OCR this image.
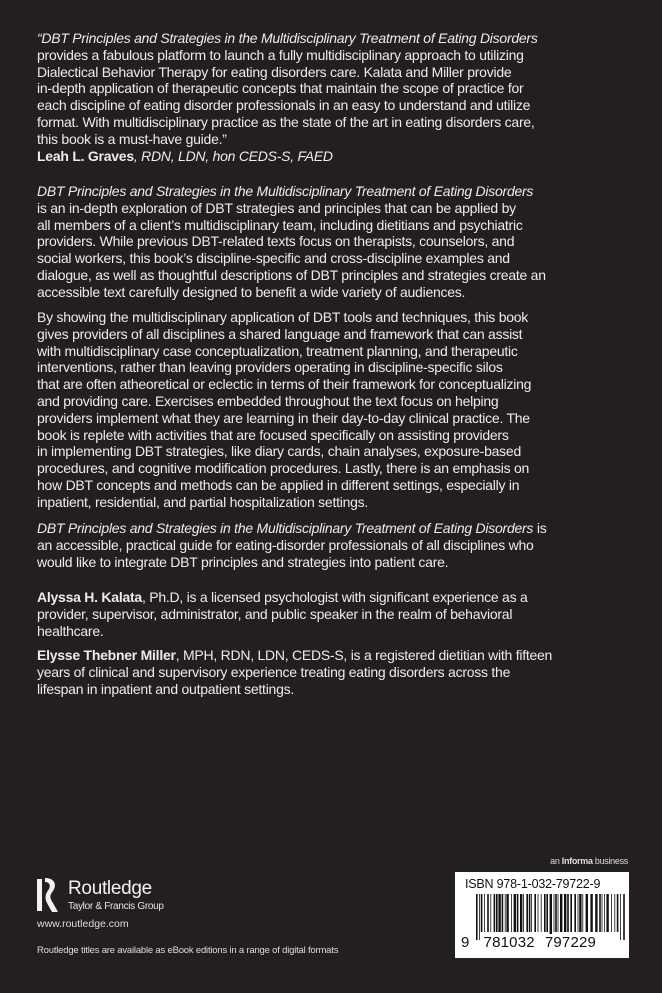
“DBT Principles and Strategies in the Multidisciplinary Treatment of Eating Disorders
provides a fabulous platform to launch a fully multidisciplinary approach to utilizing
Dialectical Behavior Therapy for eating disorders care. Kalata and Miller provide
in-depth application of therapeutic concepts that maintain the scope of practice for
each discipline of eating disorder professionals in an easy to understand and utilize
format. With multidisciplinary practice as the state of the art in eating disorders care,
this book is a must-have guide.”
Leah L. Graves, RDN, LDN, hon CEDS-S, FAED
DBT Principles and Strategies in the Multidisciplinary Treatment of Eating Disorders
is an in-depth exploration of DBT strategies and principles that can be applied by
all members of a client’s multidisciplinary team, including dietitians and psychiatric
providers. While previous DBT-related texts focus on therapists, counselors, and
social workers, this book’s discipline-specific and cross-discipline examples and
dialogue, as well as thoughtful descriptions of DBT principles and strategies create an
accessible text carefully designed to benefit a wide variety of audiences.
By showing the multidisciplinary application of DBT tools and techniques, this book
gives providers of all disciplines a shared language and framework that can assist
with multidisciplinary case conceptualization, treatment planning, and therapeutic
interventions, rather than leaving providers operating in discipline-specific silos
that are often atheoretical or eclectic in terms of their framework for conceptualizing
and providing care. Exercises embedded throughout the text focus on helping
providers implement what they are learning in their day-to-day clinical practice. The
book is replete with activities that are focused specifically on assisting providers
in implementing DBT strategies, like diary cards, chain analyses, exposure-based
procedures, and cognitive modification procedures. Lastly, there is an emphasis on
how DBT concepts and methods can be applied in different settings, especially in
inpatient, residential, and partial hospitalization settings.
DBT Principles and Strategies in the Multidisciplinary Treatment of Eating Disorders is
an accessible, practical guide for eating-disorder professionals of all disciplines who
would like to integrate DBT principles and strategies into patient care.
Alyssa H. Kalata, Ph.D, is a licensed psychologist with significant experience as a
provider, supervisor, administrator, and public speaker in the realm of behavioral
healthcare.
Elysse Thebner Miller, MPH, RDN, LDN, CEDS-S, is a registered dietitian with fifteen
years of clinical and supervisory experience treating eating disorders across the
lifespan in inpatient and outpatient settings.
an Informa business
ISBN 978-1-032-79722-9
9 781032 797229
Routledge
Taylor & Francis Group
www.routledge.com
Routledge titles are available as eBook editions in a range of digital formats
